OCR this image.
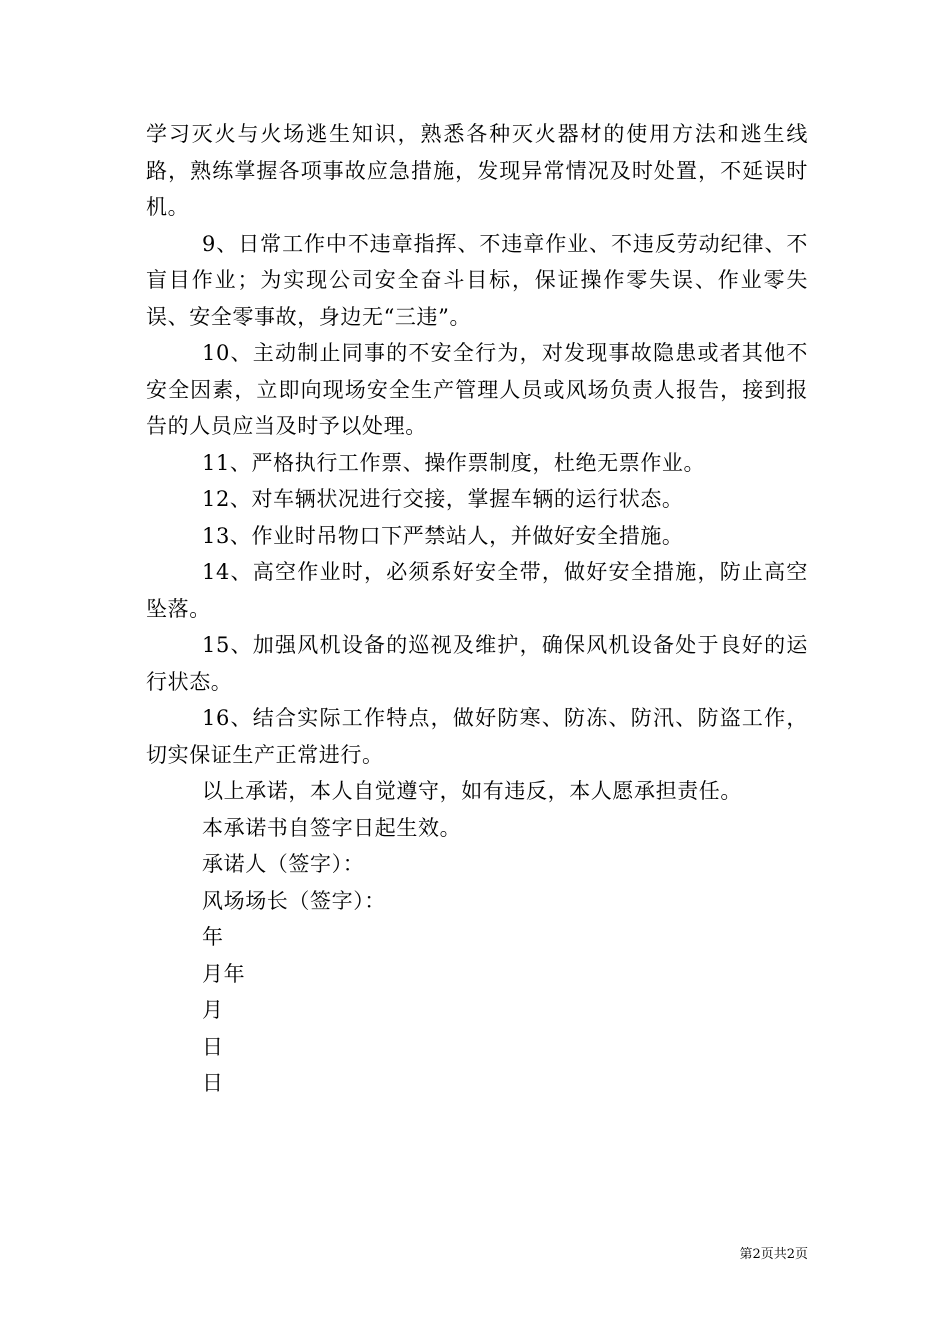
学习灭火与火场逃生知识，熟悉各种灭火器材的使用方法和逃生线路，熟练掌握各项事故应急措施，发现异常情况及时处置，不延误时机。

9、日常工作中不违章指挥、不违章作业、不违反劳动纪律、不盲目作业；为实现公司安全奋斗目标，保证操作零失误、作业零失误、安全零事故，身边无“三违”。

10、主动制止同事的不安全行为，对发现事故隐患或者其他不安全因素，立即向现场安全生产管理人员或风场负责人报告，接到报告的人员应当及时予以处理。

11、严格执行工作票、操作票制度，杜绝无票作业。

12、对车辆状况进行交接，掌握车辆的运行状态。

13、作业时吊物口下严禁站人，并做好安全措施。

14、高空作业时，必须系好安全带，做好安全措施，防止高空坠落。

15、加强风机设备的巡视及维护，确保风机设备处于良好的运行状态。

16、结合实际工作特点，做好防寒、防冻、防汛、防盗工作，切实保证生产正常进行。

以上承诺，本人自觉遵守，如有违反，本人愿承担责任。

本承诺书自签字日起生效。

承诺人（签字）：

风场场长（签字）：

年

月年

月

日

日

第2页共2页
